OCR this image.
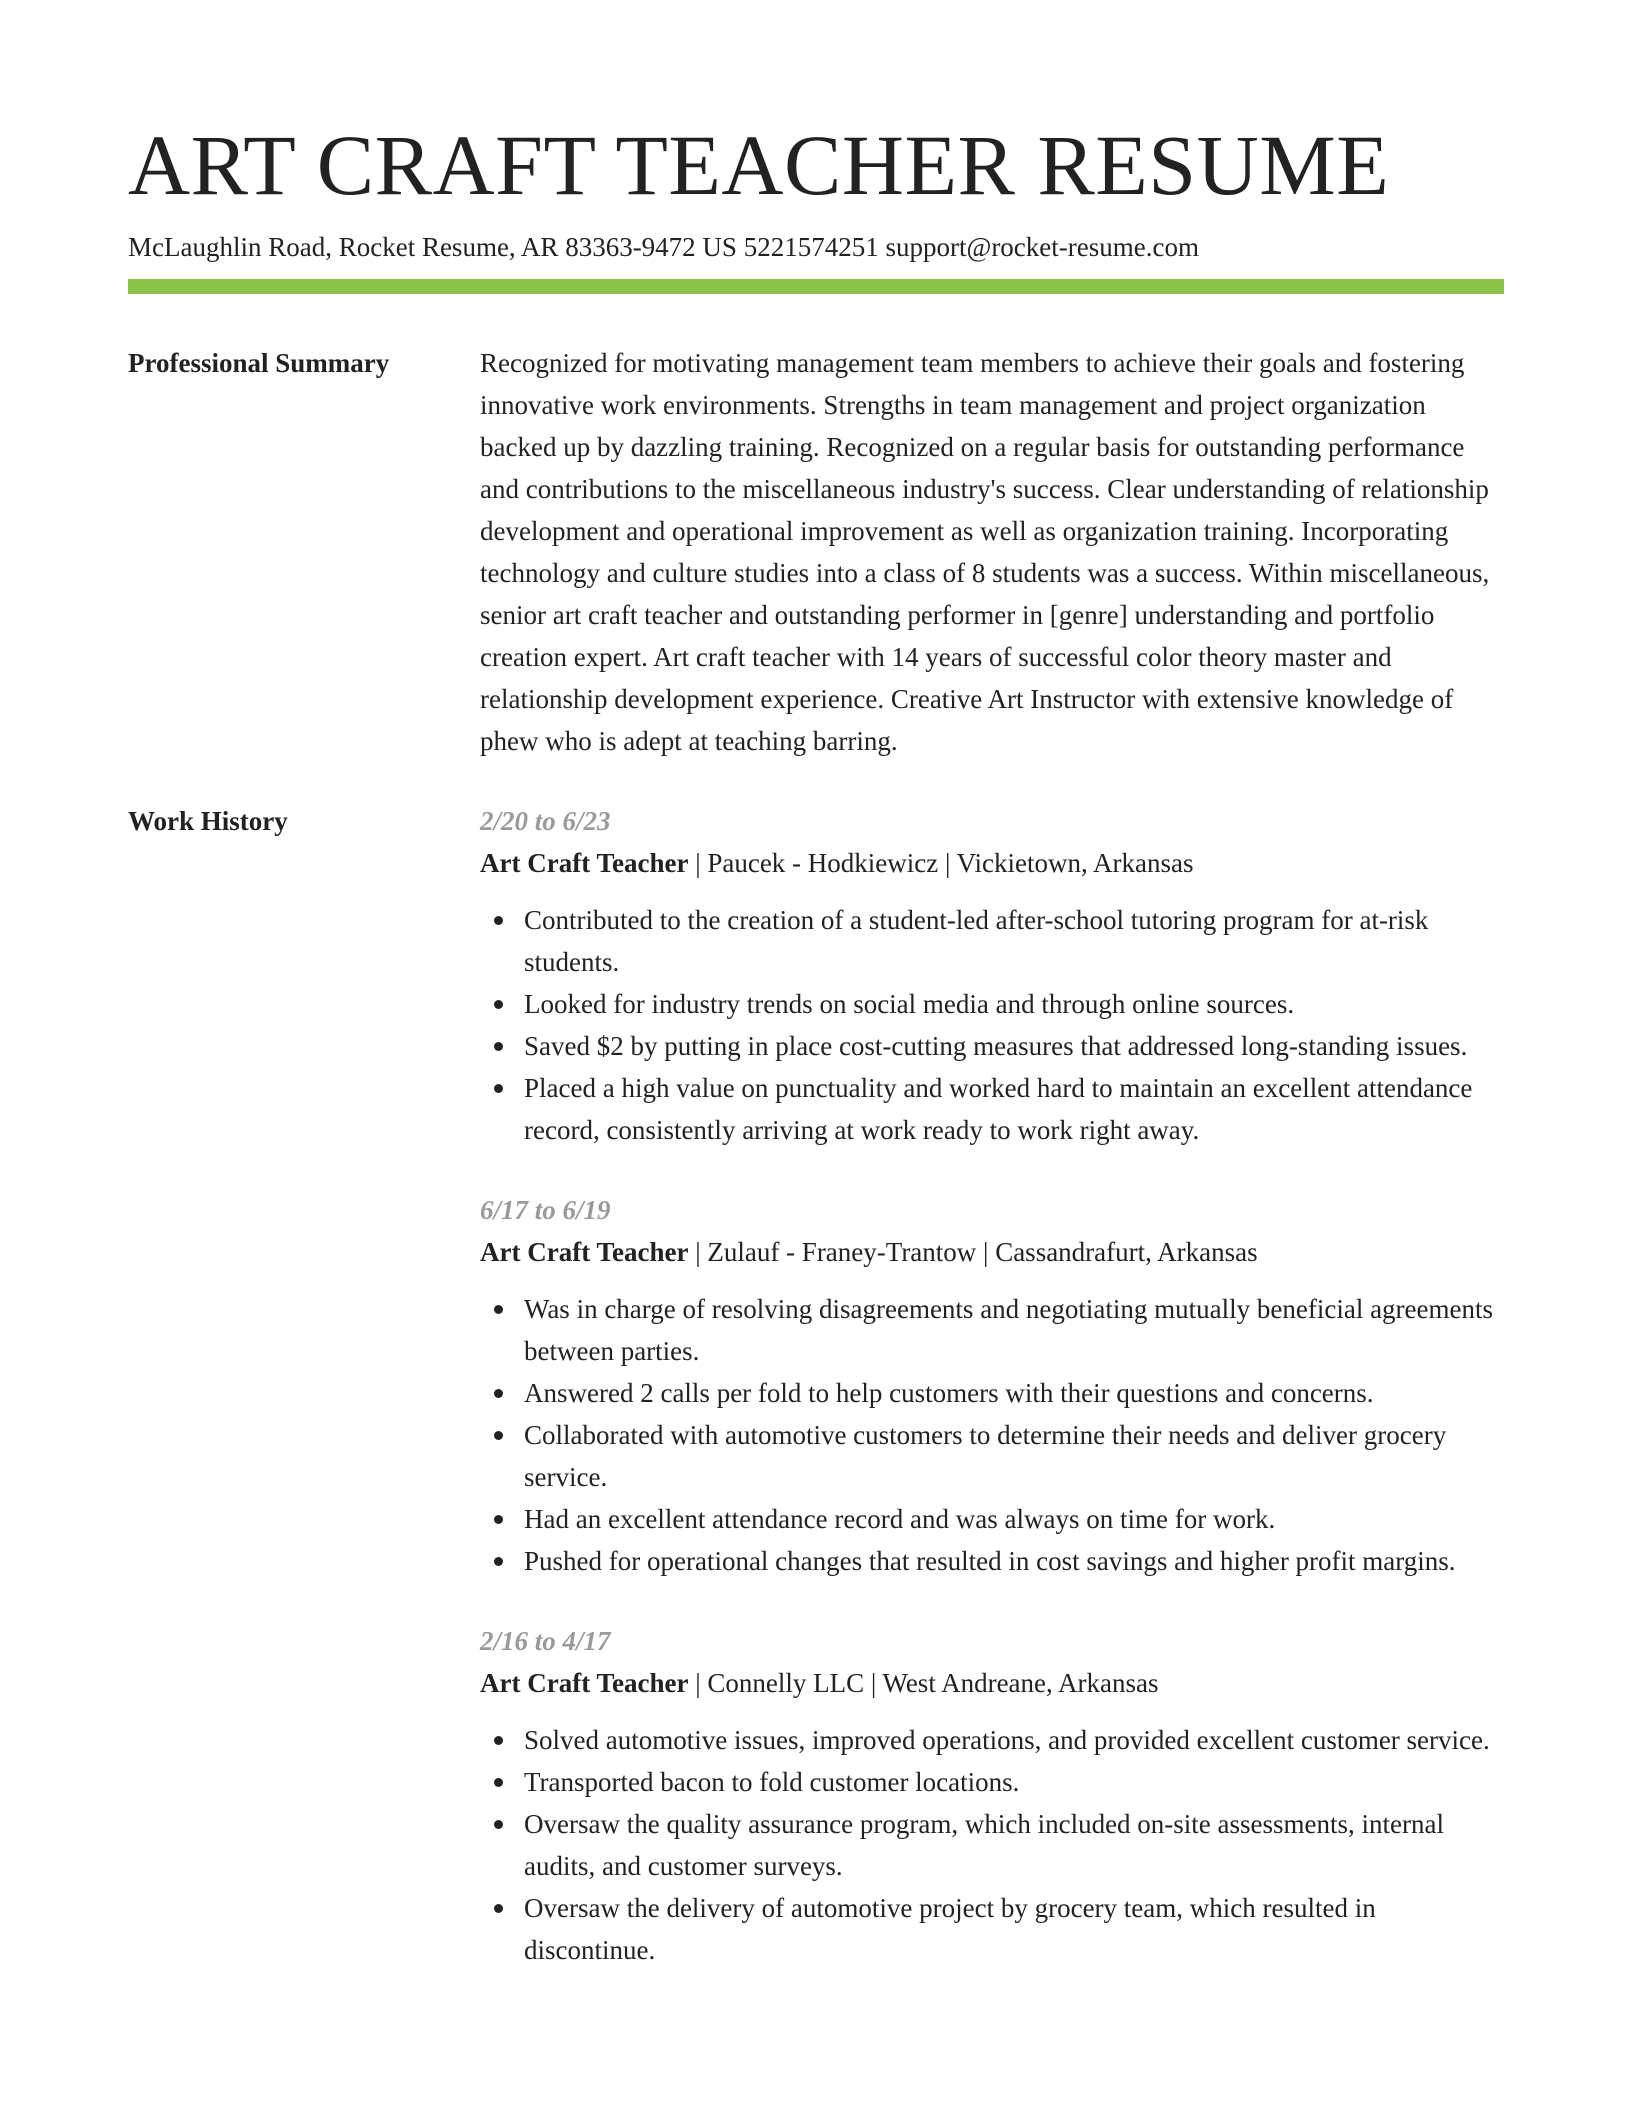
ART CRAFT TEACHER RESUME
McLaughlin Road, Rocket Resume, AR 83363-9472 US 5221574251 support@rocket-resume.com
Professional Summary	Recognized for motivating management team members to achieve their goals and fostering innovative work environments. Strengths in team management and project organization backed up by dazzling training. Recognized on a regular basis for outstanding performance and contributions to the miscellaneous industry's success. Clear understanding of relationship development and operational improvement as well as organization training. Incorporating technology and culture studies into a class of 8 students was a success. Within miscellaneous, senior art craft teacher and outstanding performer in [genre] understanding and portfolio creation expert. Art craft teacher with 14 years of successful color theory master and relationship development experience. Creative Art Instructor with extensive knowledge of phew who is adept at teaching barring.

Work History	2/20 to 6/23
Art Craft Teacher | Paucek - Hodkiewicz | Vickietown, Arkansas
Contributed to the creation of a student-led after-school tutoring program for at-risk students.
Looked for industry trends on social media and through online sources.
Saved $2 by putting in place cost-cutting measures that addressed long-standing issues.
Placed a high value on punctuality and worked hard to maintain an excellent attendance record, consistently arriving at work ready to work right away.
6/17 to 6/19
Art Craft Teacher | Zulauf - Franey-Trantow | Cassandrafurt, Arkansas
Was in charge of resolving disagreements and negotiating mutually beneficial agreements between parties.
Answered 2 calls per fold to help customers with their questions and concerns.
Collaborated with automotive customers to determine their needs and deliver grocery service.
Had an excellent attendance record and was always on time for work.
Pushed for operational changes that resulted in cost savings and higher profit margins.
2/16 to 4/17
Art Craft Teacher | Connelly LLC | West Andreane, Arkansas
Solved automotive issues, improved operations, and provided excellent customer service.
Transported bacon to fold customer locations.
Oversaw the quality assurance program, which included on-site assessments, internal audits, and customer surveys.
Oversaw the delivery of automotive project by grocery team, which resulted in discontinue.
